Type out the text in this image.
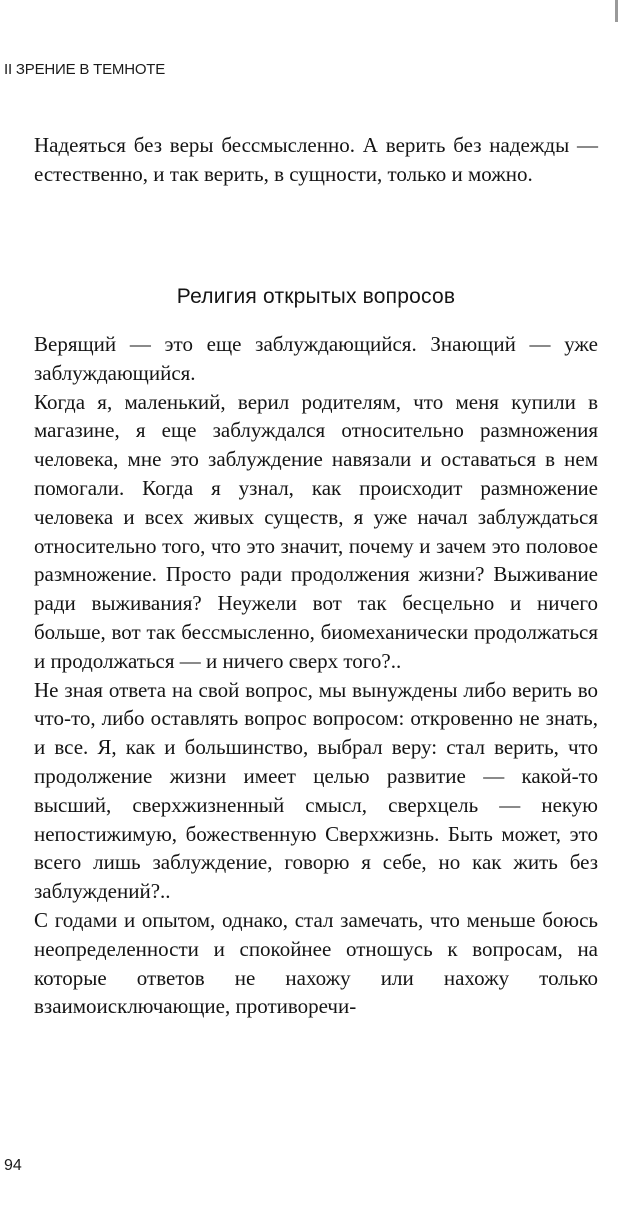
II ЗРЕНИЕ В ТЕМНОТЕ

Надеяться без веры бессмысленно. А верить без надежды — естественно, и так верить, в сущности, только и можно.

Религия открытых вопросов

Верящий — это еще заблуждающийся. Знающий — уже заблуждающийся.

Когда я, маленький, верил родителям, что меня купили в магазине, я еще заблуждался относительно размножения человека, мне это заблуждение навязали и оставаться в нем помогали. Когда я узнал, как происходит размножение человека и всех живых существ, я уже начал заблуждаться относительно того, что это значит, почему и зачем это половое размножение. Просто ради продолжения жизни? Выживание ради выживания? Неужели вот так бесцельно и ничего больше, вот так бессмысленно, биомеханически продолжаться и продолжаться — и ничего сверх того?..

Не зная ответа на свой вопрос, мы вынуждены либо верить во что-то, либо оставлять вопрос вопросом: откровенно не знать, и все. Я, как и большинство, выбрал веру: стал верить, что продолжение жизни имеет целью развитие — какой-то высший, сверхжизненный смысл, сверхцель — некую непостижимую, божественную Сверхжизнь. Быть может, это всего лишь заблуждение, говорю я себе, но как жить без заблуждений?..

С годами и опытом, однако, стал замечать, что меньше боюсь неопределенности и спокойнее отношусь к вопросам, на которые ответов не нахожу или нахожу только взаимоисключающие, противоречи-

94
